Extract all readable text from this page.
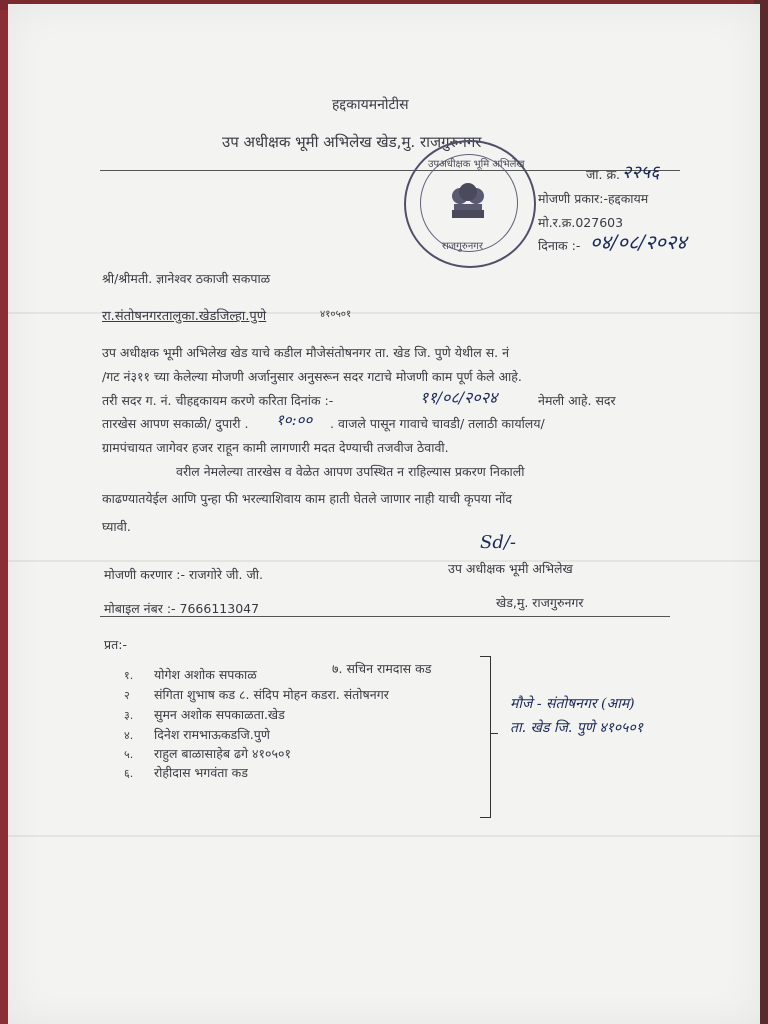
हद्दकायमनोटीस
उप अधीक्षक भूमी अभिलेख खेड,मु. राजगुरुनगर
उपअधीक्षक भूमि अभिलेख
राजगुरुनगर
जा. क्र. २२५६
मोजणी प्रकार:-हद्दकायम
मो.र.क्र.027603
दिनाक :- ०४/०८/२०२४
श्री/श्रीमती. ज्ञानेश्वर ठकाजी सकपाळ
रा.संतोषनगरतालुका.खेडजिल्हा.पुणे	४१०५०१
उप अधीक्षक भूमी अभिलेख खेड याचे कडील मौजेसंतोषनगर ता. खेड जि. पुणे येथील स. नं
/गट नं३११ च्या केलेल्या मोजणी अर्जानुसार अनुसरून सदर गटाचे मोजणी काम पूर्ण केले आहे.
तरी सदर ग. नं. चीहद्दकायम करणे करिता दिनांक :-	११/०८/२०२४	नेमली आहे. सदर
तारखेस आपण सकाळी/ दुपारी . १०:०० . वाजले पासून गावाचे चावडी/ तलाठी कार्यालय/
ग्रामपंचायत जागेवर हजर राहून कामी लागणारी मदत देण्याची तजवीज ठेवावी.
वरील नेमलेल्या तारखेस व वेळेत आपण उपस्थित न राहिल्यास प्रकरण निकाली
काढण्यातयेईल आणि पुन्हा फी भरल्याशिवाय काम हाती घेतले जाणार नाही याची कृपया नोंद
घ्यावी.
Sd/-
उप अधीक्षक भूमी अभिलेख
खेड,मु. राजगुरुनगर
मोजणी करणार :- राजगोरे जी. जी.
मोबाइल नंबर :- 7666113047
प्रत:-
१. योगेश अशोक सपकाळ	७. सचिन रामदास कड
२ संगिता शुभाष कड ८. संदिप मोहन कडरा. संतोषनगर
३. सुमन अशोक सपकाळता.खेड
४. दिनेश रामभाऊकडजि.पुणे
५. राहुल बाळासाहेब ढगे ४१०५०१
६. रोहीदास भगवंता कड
मौजे - संतोषनगर (आम)
ता. खेड जि. पुणे ४१०५०१
